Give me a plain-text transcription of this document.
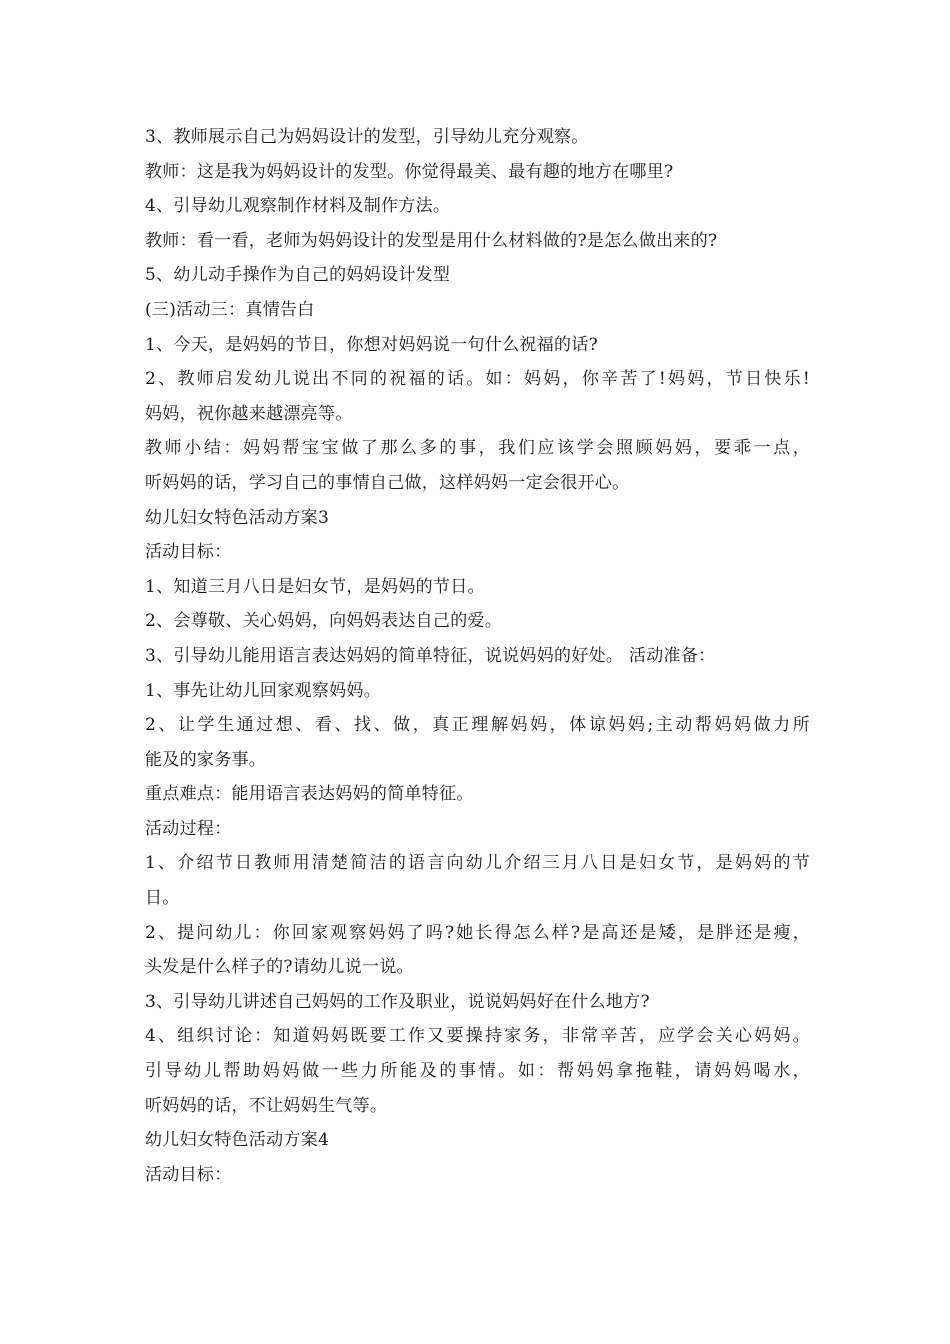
3、教师展示自己为妈妈设计的发型，引导幼儿充分观察。
教师：这是我为妈妈设计的发型。你觉得最美、最有趣的地方在哪里?
4、引导幼儿观察制作材料及制作方法。
教师：看一看，老师为妈妈设计的发型是用什么材料做的?是怎么做出来的?
5、幼儿动手操作为自己的妈妈设计发型
(三)活动三：真情告白
1、今天，是妈妈的节日，你想对妈妈说一句什么祝福的话?
2、教师启发幼儿说出不同的祝福的话。如：妈妈，你辛苦了!妈妈，节日快乐!
妈妈，祝你越来越漂亮等。
教师小结：妈妈帮宝宝做了那么多的事，我们应该学会照顾妈妈，要乖一点，
听妈妈的话，学习自己的事情自己做，这样妈妈一定会很开心。
幼儿妇女特色活动方案3
活动目标：
1、知道三月八日是妇女节，是妈妈的节日。
2、会尊敬、关心妈妈，向妈妈表达自己的爱。
3、引导幼儿能用语言表达妈妈的简单特征，说说妈妈的好处。 活动准备：
1、事先让幼儿回家观察妈妈。
2、让学生通过想、看、找、做，真正理解妈妈，体谅妈妈;主动帮妈妈做力所
能及的家务事。
重点难点：能用语言表达妈妈的简单特征。
活动过程：
1、介绍节日教师用清楚简洁的语言向幼儿介绍三月八日是妇女节，是妈妈的节
日。
2、提问幼儿：你回家观察妈妈了吗?她长得怎么样?是高还是矮，是胖还是瘦，
头发是什么样子的?请幼儿说一说。
3、引导幼儿讲述自己妈妈的工作及职业，说说妈妈好在什么地方?
4、组织讨论：知道妈妈既要工作又要操持家务，非常辛苦，应学会关心妈妈。
引导幼儿帮助妈妈做一些力所能及的事情。如：帮妈妈拿拖鞋，请妈妈喝水，
听妈妈的话，不让妈妈生气等。
幼儿妇女特色活动方案4
活动目标：
